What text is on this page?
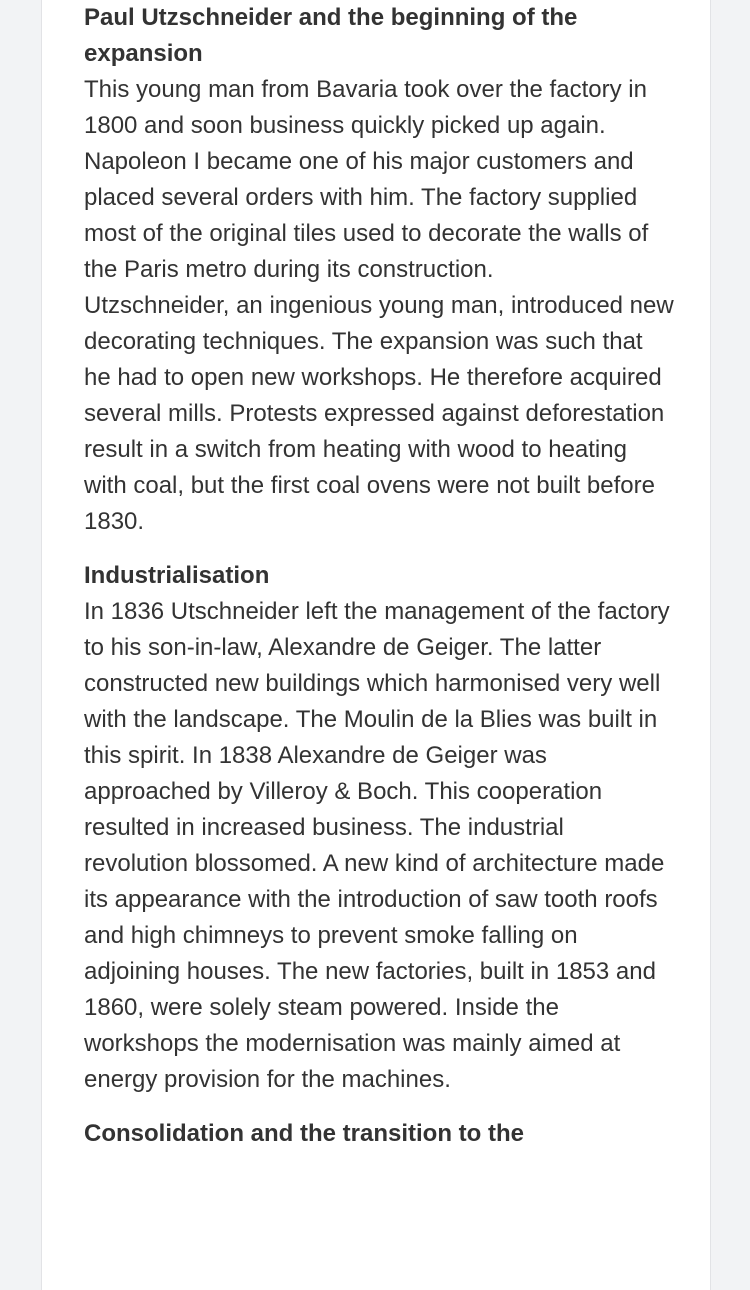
Paul Utzschneider and the beginning of the expansion

This young man from Bavaria took over the factory in 1800 and soon business quickly picked up again. Napoleon I became one of his major customers and placed several orders with him. The factory supplied most of the original tiles used to decorate the walls of the Paris metro during its construction.

Utzschneider, an ingenious young man, introduced new decorating techniques. The expansion was such that he had to open new workshops. He therefore acquired several mills. Protests expressed against deforestation result in a switch from heating with wood to heating with coal, but the first coal ovens were not built before 1830.

Industrialisation

In 1836 Utschneider left the management of the factory to his son-in-law, Alexandre de Geiger. The latter constructed new buildings which harmonised very well with the landscape. The Moulin de la Blies was built in this spirit. In 1838 Alexandre de Geiger was approached by Villeroy & Boch. This cooperation resulted in increased business. The industrial revolution blossomed. A new kind of architecture made its appearance with the introduction of saw tooth roofs and high chimneys to prevent smoke falling on adjoining houses. The new factories, built in 1853 and 1860, were solely steam powered. Inside the workshops the modernisation was mainly aimed at energy provision for the machines.

Consolidation and the transition to the
